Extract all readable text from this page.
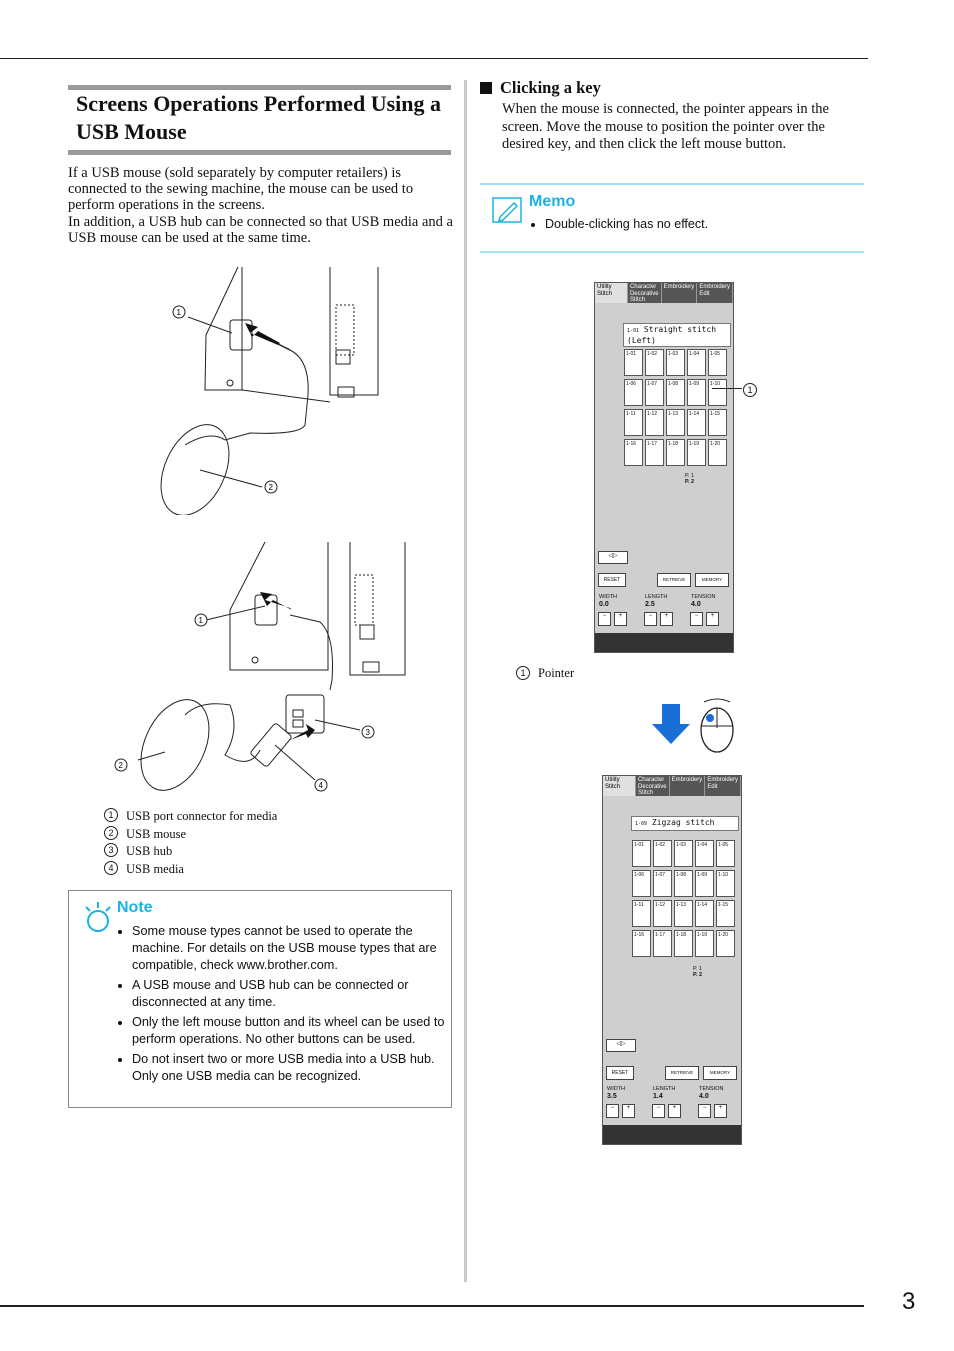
3
Screens Operations Performed Using a USB Mouse

If a USB mouse (sold separately by computer retailers) is connected to the sewing machine, the mouse can be used to perform operations in the screens.

In addition, a USB hub can be connected so that USB media and a USB mouse can be used at the same time.

1
2
1
2
3
4
1	USB port connector for media
2	USB mouse
3	USB hub
4	USB media
Note
• Some mouse types cannot be used to operate the machine. For details on the USB mouse types that are compatible, check www.brother.com.
• A USB mouse and USB hub can be connected or disconnected at any time.
• Only the left mouse button and its wheel can be used to perform operations. No other buttons can be used.
• Do not insert two or more USB media into a USB hub. Only one USB media can be recognized.
Clicking a key
When the mouse is connected, the pointer appears in the screen. Move the mouse to position the pointer over the desired key, and then click the left mouse button.
Memo
• Double-clicking has no effect.
Utility Stitch
Character Decorative Stitch
Embroidery Embroidery Edit
1-01 Straight stitch (Left)
1-01 1-02 1-03 1-04 1-05
1-06 1-07 1-08 1-09 1-10
1-11 1-12 1-13 1-14 1-15
1-16 1-17 1-18 1-19 1-20
P. 1
P. 2
◁▷
RESET	RETRIEVE	MEMORY
WIDTH	LENGTH	TENSION
0.0	2.5	4.0
−	+	−	+	−	+
1
1	Pointer
Utility Stitch
Character Decorative Stitch
Embroidery Embroidery Edit
1-09 Zigzag stitch
1-01 1-02 1-03 1-04 1-05
1-06 1-07 1-08 1-09 1-10
1-11 1-12 1-13 1-14 1-15
1-16 1-17 1-18 1-19 1-20
P. 1
P. 2
◁▷
RESET	RETRIEVE	MEMORY
WIDTH	LENGTH	TENSION
3.5	1.4	4.0
−	+	−	+	−	+
